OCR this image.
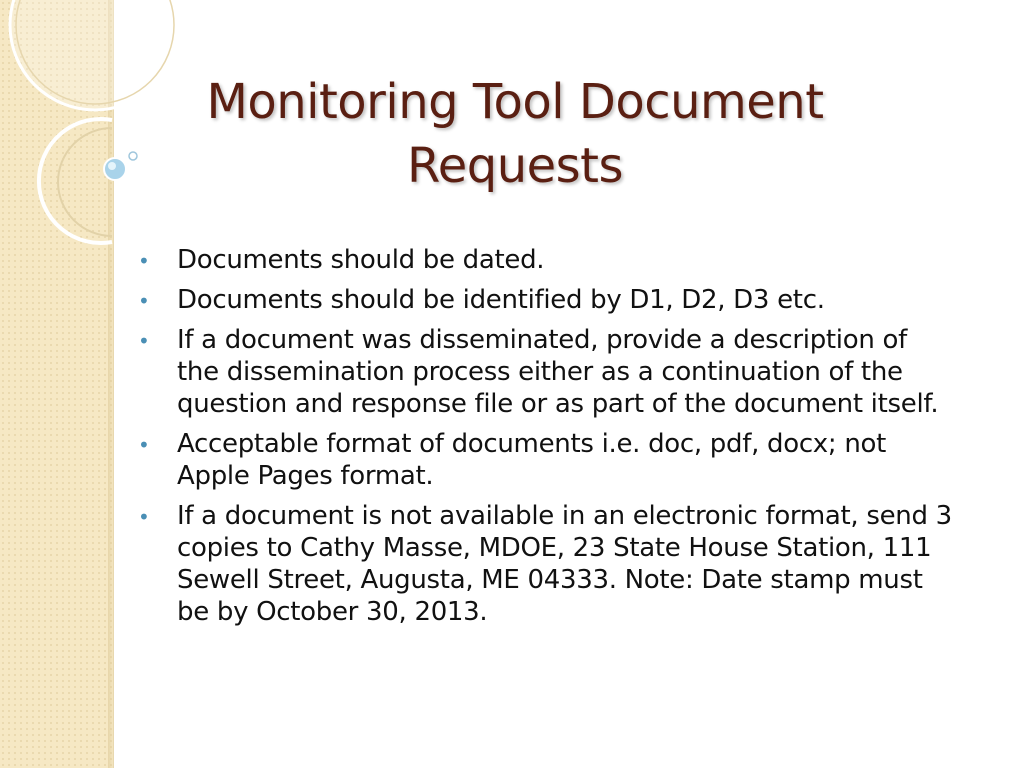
Monitoring Tool Document
Requests
• Documents should be dated.
• Documents should be identified by D1, D2, D3 etc.
• If a document was disseminated, provide a description of the dissemination process either as a continuation of the question and response file or as part of the document itself.
• Acceptable format of documents i.e. doc, pdf, docx; not Apple Pages format.
• If a document is not available in an electronic format, send 3 copies to Cathy Masse, MDOE, 23 State House Station, 111 Sewell Street, Augusta, ME 04333. Note: Date stamp must be by October 30, 2013.
